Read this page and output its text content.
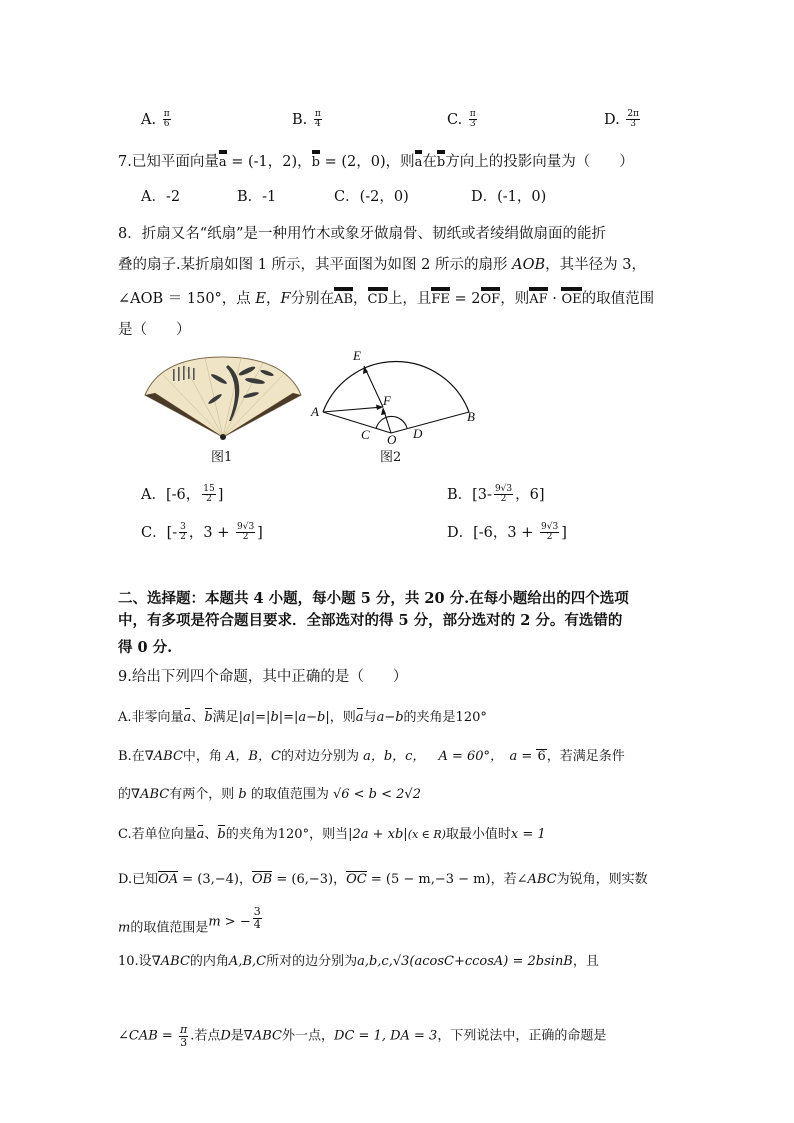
A. $\frac{\pi}{6}$	B. $\frac{\pi}{4}$	C. $\frac{\pi}{3}$	D. $\frac{2\pi}{3}$
7.已知平面向量
a = (-1，2)，
b = (2，0)，则
a在
b方向上的投影向量为（　　）
A．-2	B．-1	C．(-2，0)	D．(-1，0)
8．折扇又名“纸扇”是一种用竹木或象牙做扇骨、韧纸或者绫绢做扇面的能折
叠的扇子.某折扇如图 1 所示，其平面图为如图 2 所示的扇形 AOB，其半径为 3，
∠AOB ＝ 150°，点 E，F分别在
AB，
CD上，且
FE = 2
OF，则
AF ·
OE的取值范围
是（　　）
图1
E
F
A	B
C O D
图2
A．[-6， $\frac{15}{2}$ ]	B．[$3- \frac{9√3}{2}$ ，6]
C．[- $\frac{3}{2}$ ，$3 + \frac{9√3}{2}$ ]	D．[-6，$3 + \frac{9√3}{2}$ ]
二、选择题：本题共 4 小题，每小题 5 分，共 20 分.在每小题给出的四个选项
中，有多项是符合题目要求．全部选对的得 5 分，部分选对的 2 分。有选错的
得 0 分.
9.给出下列四个命题，其中正确的是（　　）
A.非零向量a、b满足|a|=|b|=|a−b|，则a与a−b的夹角是120°
B.在∇ABC中，角 A，B，C的对边分别为 a，b，c，  A = 60°，  a = 6，若满足条件
的∇ABC有两个，则 b 的取值范围为 √6 < b < 2√2
C.若单位向量a、b的夹角为120°，则当|2a + xb|(x ∈ R)取最小值时x = 1
D.已知OA = (3,−4)，OB = (6,−3)，OC = (5 − m,−3 − m)，若∠ABC为锐角，则实数
m的取值范围是m > − $\frac{3}{4}$
10.设∇ABC的内角A,B,C所对的边分别为a,b,c,√3(acosC+ccosA) = 2bsinB，且
∠CAB = $\frac{\pi}{3}$ .若点D是∇ABC外一点，DC = 1, DA = 3，下列说法中，正确的命题是
